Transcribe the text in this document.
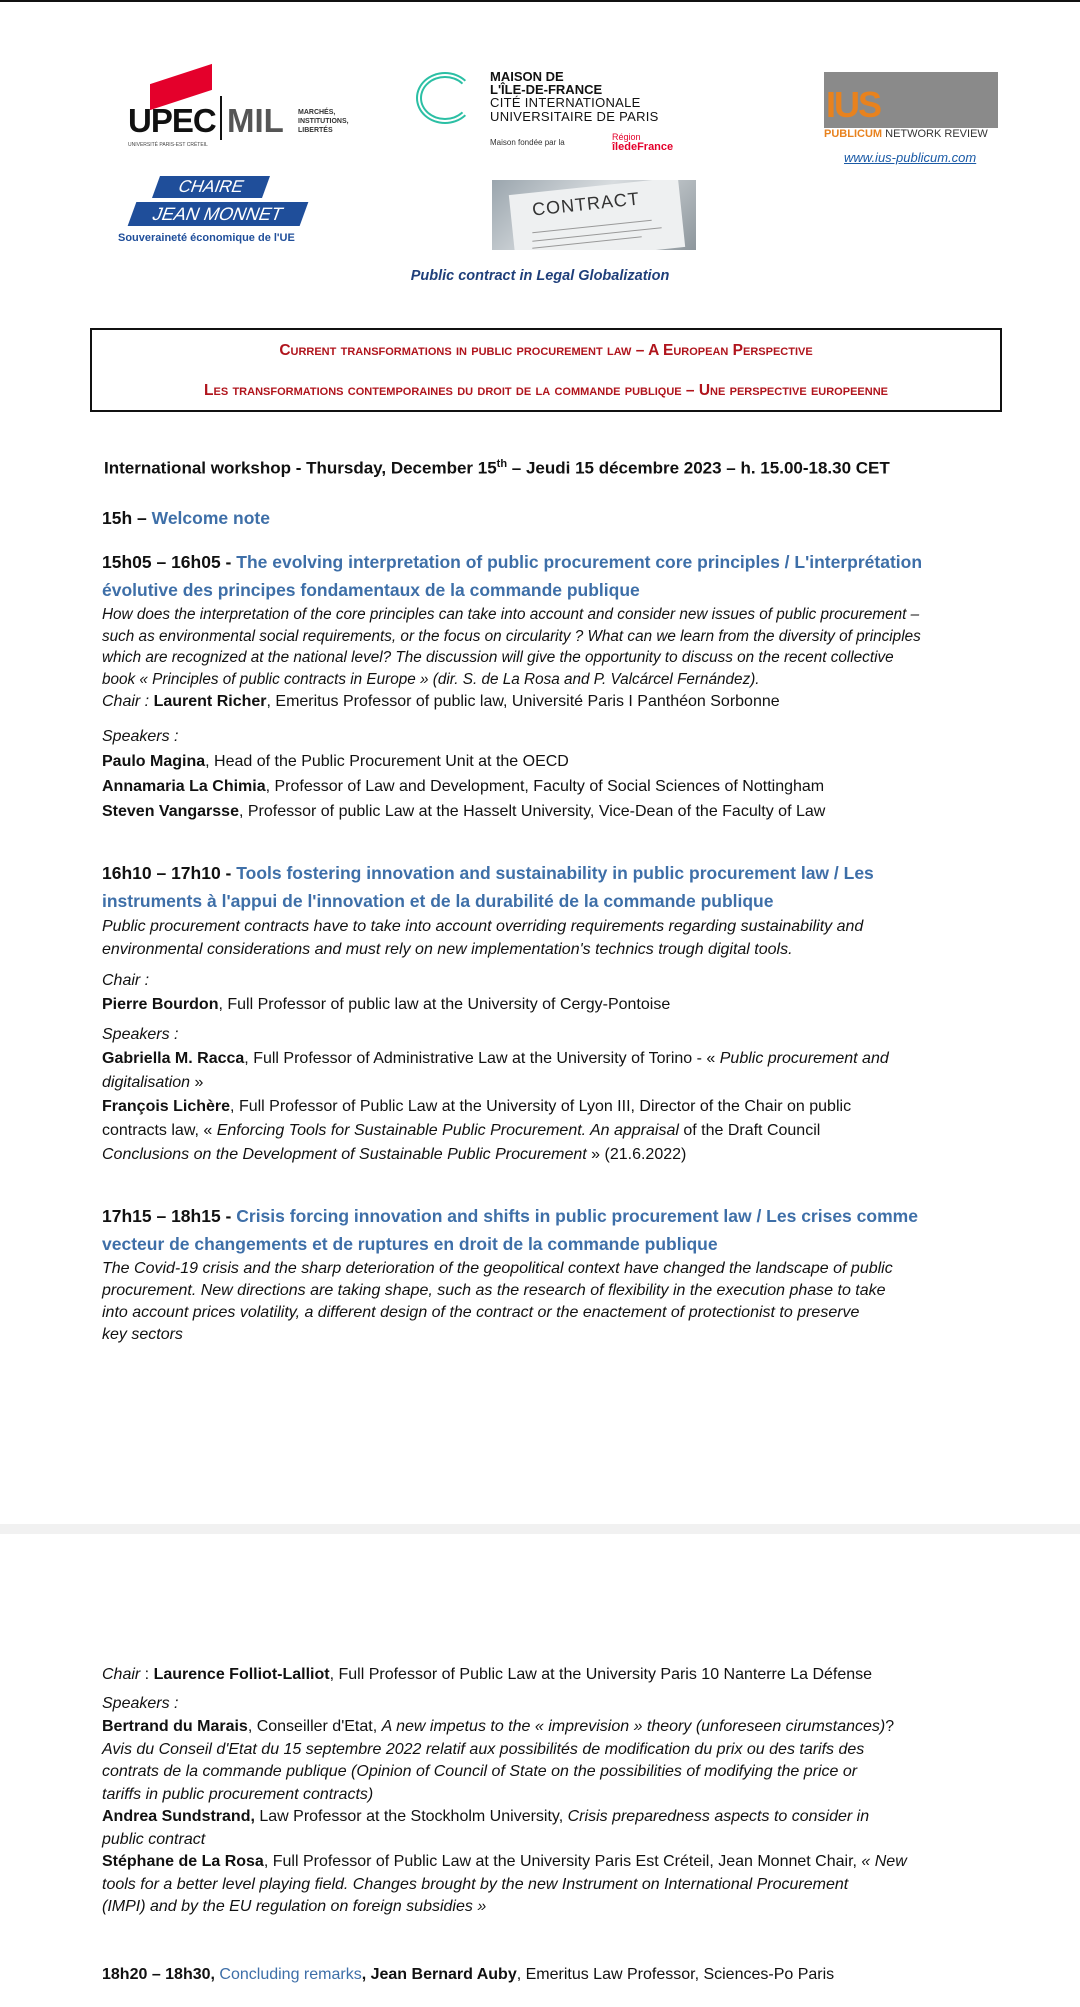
UPEC
UNIVERSITÉ PARIS-EST CRÉTEIL
MIL MARCHÉS,
INSTITUTIONS,
LIBERTÉS
MAISON DE
L'ÎLE-DE-FRANCE
CITÉ INTERNATIONALE
UNIVERSITAIRE DE PARIS
Maison fondée par la
Région
îledeFrance
IUS
PUBLICUM NETWORK REVIEW
www.ius-publicum.com
CHAIRE
JEAN MONNET
Souveraineté économique de l'UE
CONTRACT
Public contract in Legal Globalization
Current transformations in public procurement law – A European Perspective
Les transformations contemporaines du droit de la commande publique – Une perspective europeenne
International workshop - Thursday, December 15th – Jeudi 15 décembre 2023 – h. 15.00-18.30 CET
15h – Welcome note
15h05 – 16h05 - The evolving interpretation of public procurement core principles / L'interprétation
évolutive des principes fondamentaux de la commande publique
How does the interpretation of the core principles can take into account and consider new issues of public procurement –
such as environmental social requirements, or the focus on circularity ? What can we learn from the diversity of principles
which are recognized at the national level? The discussion will give the opportunity to discuss on the recent collective
book « Principles of public contracts in Europe » (dir. S. de La Rosa and P. Valcárcel Fernández).
Chair : Laurent Richer, Emeritus Professor of public law, Université Paris I Panthéon Sorbonne
Speakers :
Paulo Magina, Head of the Public Procurement Unit at the OECD
Annamaria La Chimia, Professor of Law and Development, Faculty of Social Sciences of Nottingham
Steven Vangarsse, Professor of public Law at the Hasselt University, Vice-Dean of the Faculty of Law
16h10 – 17h10 - Tools fostering innovation and sustainability in public procurement law / Les
instruments à l'appui de l'innovation et de la durabilité de la commande publique
Public procurement contracts have to take into account overriding requirements regarding sustainability and
environmental considerations and must rely on new implementation's technics trough digital tools.
Chair :
Pierre Bourdon, Full Professor of public law at the University of Cergy-Pontoise
Speakers :
Gabriella M. Racca, Full Professor of Administrative Law at the University of Torino - « Public procurement and
digitalisation »
François Lichère, Full Professor of Public Law at the University of Lyon III, Director of the Chair on public
contracts law, « Enforcing Tools for Sustainable Public Procurement. An appraisal of the Draft Council
Conclusions on the Development of Sustainable Public Procurement » (21.6.2022)
17h15 – 18h15 - Crisis forcing innovation and shifts in public procurement law / Les crises comme
vecteur de changements et de ruptures en droit de la commande publique
The Covid-19 crisis and the sharp deterioration of the geopolitical context have changed the landscape of public
procurement. New directions are taking shape, such as the research of flexibility in the execution phase to take
into account prices volatility, a different design of the contract or the enactement of protectionist to preserve
key sectors
Chair : Laurence Folliot-Lalliot, Full Professor of Public Law at the University Paris 10 Nanterre La Défense
Speakers :
Bertrand du Marais, Conseiller d'Etat, A new impetus to the « imprevision » theory (unforeseen cirumstances)?
Avis du Conseil d'Etat du 15 septembre 2022 relatif aux possibilités de modification du prix ou des tarifs des
contrats de la commande publique (Opinion of Council of State on the possibilities of modifying the price or
tariffs in public procurement contracts)
Andrea Sundstrand, Law Professor at the Stockholm University, Crisis preparedness aspects to consider in
public contract
Stéphane de La Rosa, Full Professor of Public Law at the University Paris Est Créteil, Jean Monnet Chair, « New
tools for a better level playing field. Changes brought by the new Instrument on International Procurement
(IMPI) and by the EU regulation on foreign subsidies »
18h20 – 18h30, Concluding remarks, Jean Bernard Auby, Emeritus Law Professor, Sciences-Po Paris
